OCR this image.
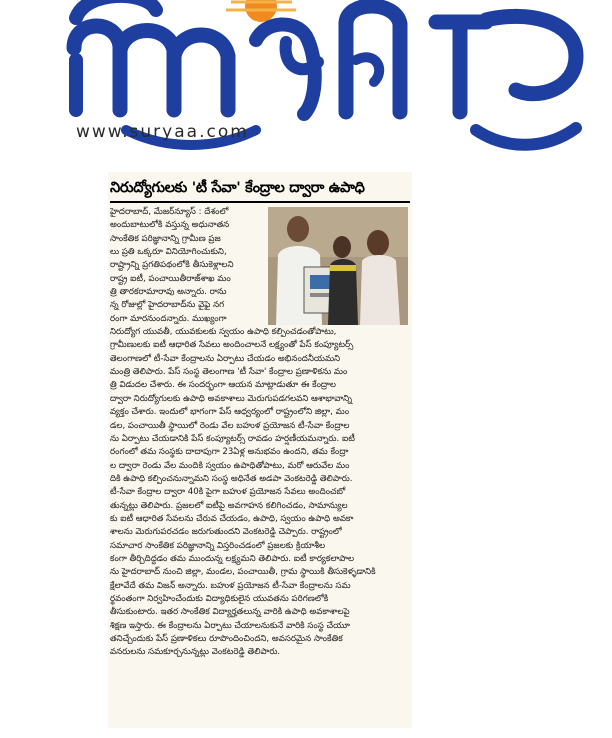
www.suryaa.com
నిరుద్యోగులకు 'టీ సేవా' కేంద్రాల ద్వారా ఉపాధి
హైదరాబాద్, మేజర్‌న్యూస్ : దేశంలో
అందుబాటులోకి వస్తున్న అధునాతన
సాంకేతిక పరిజ్ఞానాన్ని గ్రామీణ ప్రజ
లు ప్రతి ఒక్కరూ వినియోగించుకుని,
రాష్ట్రాన్ని ప్రగతిపథంలోకి తీసుకెళ్లాలని
రాష్ట్ర ఐటీ, పంచాయితీరాజ్‌శాఖ మం
త్రి తారకరామారావు అన్నారు. రాను
న్న రోజుల్లో హైదరాబాద్‌ను వైఫై నగ
రంగా మారనుందన్నారు. ముఖ్యంగా
నిరుద్యోగ యువతీ, యువకులకు స్వయం ఉపాధి కల్పించడంతోపాటు,
గ్రామీణులకు ఐటీ ఆధారిత సేవలు అందించాలనే లక్ష్యంతో పేస్ కంప్యూటర్స్
తెలంగాణలో టీ-సేవా కేంద్రాలను ఏర్పాటు చేయడం అభినందనీయమని
మంత్రి తెలిపారు. పేస్ సంస్థ తెలంగాణ 'టీ సేవా' కేంద్రాల ప్రణాళికను మం
త్రి విడుదల చేశారు. ఈ సందర్భంగా ఆయన మాట్లాడుతూ ఈ కేంద్రాల
ద్వారా నిరుద్యోగులకు ఉపాధి అవకాశాలు మెరుగుపడగలవని ఆశాభావాన్ని
వ్యక్తం చేశారు. ఇందులో భాగంగా పేస్ ఆధ్వర్యంలో రాష్ట్రంలోని జిల్లా, మం
డల, పంచాయితీ స్థాయిలో రెండు వేల బహుళ ప్రయోజన టీ-సేవా కేంద్రాల
ను ఏర్పాటు చేయడానికి పేస్ కంప్యూటర్స్ రావడం హర్షణీయమన్నారు. ఐటీ
రంగంలో తమ సంస్థకు దాదాపుగా 23ఏళ్ల అనుభవం ఉందని, తమ కేంద్రా
ల ద్వారా రెండు వేల మందికి స్వయం ఉపాధితోపాటు, మరో ఆరువేల మం
దికి ఉపాధి కల్పించనున్నామని సంస్థ అధినేత అడపా వెంకటరెడ్డి తెలిపారు.
టీ-సేవా కేంద్రాల ద్వారా 40కి పైగా బహుళ ప్రయోజన సేవలు అందించబో
తున్నట్లు తెలిపారు. ప్రజలలో ఐటీపై అవగాహన కలిగించడం, సామాన్యుల
కు ఐటీ ఆధారిత సేవలను చేరువ చేయడం, ఉపాధి, స్వయం ఉపాధి అవకా
శాలను మెరుగుపరచడం జరుగుతుందని వెంకటరెడ్డి చెప్పారు. రాష్ట్రంలో
సమాచార సాంకేతిక పరిజ్ఞానాన్ని విస్తరించడంలో ప్రజలకు క్రియాశీల
కంగా తీర్చిదిద్దడం తమ ముందున్న లక్ష్యమని తెలిపారు. ఐటీ కార్యకలాపాల
ను హైదరాబాద్ నుంచి జిల్లా, మండల, పంచాయితీ, గ్రామ స్థాయికి తీసుకెళ్ళడానికి
క్షేలావేదే తమ విజన్ అన్నారు. బహుళ ప్రయోజన టీ-సేవా కేంద్రాలను సమ
ర్థవంతంగా నిర్వహించేందుకు విద్యాధికులైన యువతను పరిగణలోకి
తీసుకుంటారు. ఇతర సాంకేతిక విద్యార్హతలున్న వారికి ఉపాధి అవకాశాలపై
శిక్షణ ఇస్తారు. ఈ కేంద్రాలను ఏర్పాటు చేయాలనుకునే వారికి సంస్థ చేయూ
తనిచ్చేందుకు పేస్ ప్రణాళికలు రూపొందించిందని, అవసరమైన సాంకేతిక
వనరులను సమకూర్చనున్నట్లు వెంకటరెడ్డి తెలిపారు.
